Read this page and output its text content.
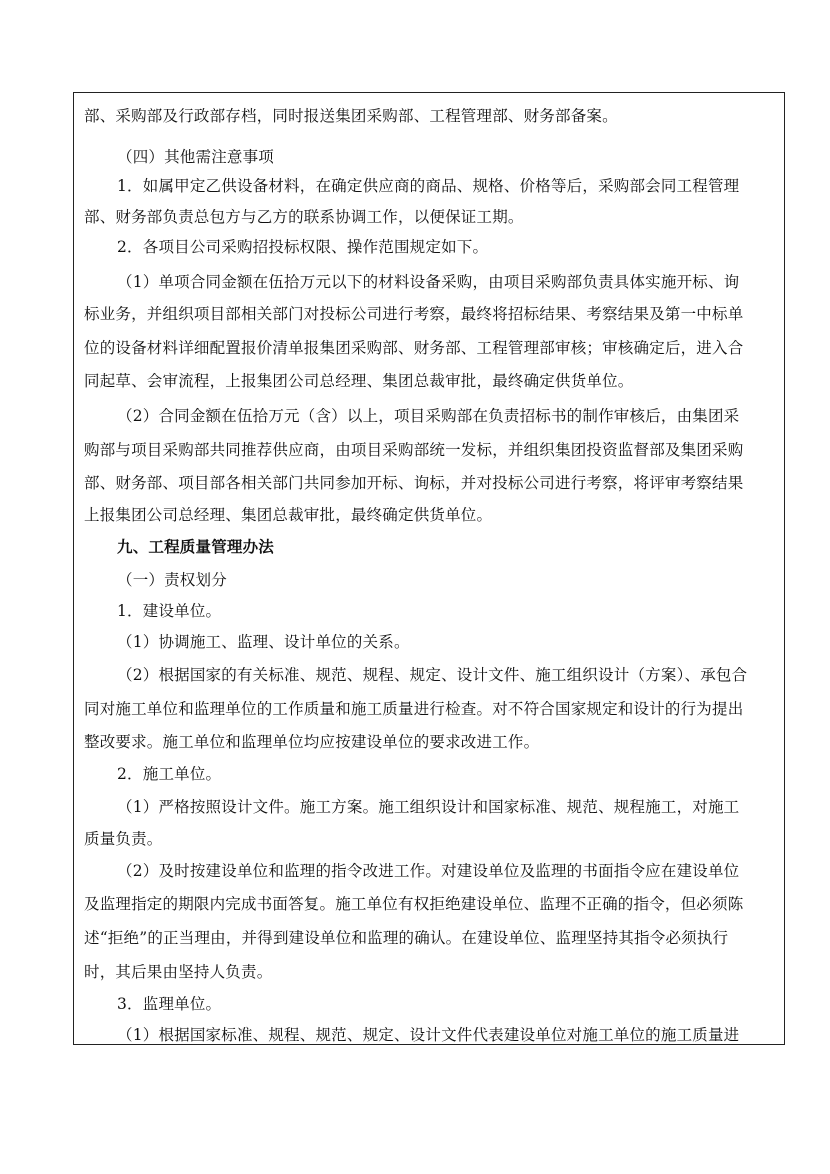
部、采购部及行政部存档，同时报送集团采购部、工程管理部、财务部备案。
（四）其他需注意事项
1．如属甲定乙供设备材料，在确定供应商的商品、规格、价格等后，采购部会同工程管理
部、财务部负责总包方与乙方的联系协调工作，以便保证工期。
2．各项目公司采购招投标权限、操作范围规定如下。
（1）单项合同金额在伍拾万元以下的材料设备采购，由项目采购部负责具体实施开标、询
标业务，并组织项目部相关部门对投标公司进行考察，最终将招标结果、考察结果及第一中标单
位的设备材料详细配置报价清单报集团采购部、财务部、工程管理部审核；审核确定后，进入合
同起草、会审流程，上报集团公司总经理、集团总裁审批，最终确定供货单位。
（2）合同金额在伍拾万元（含）以上，项目采购部在负责招标书的制作审核后，由集团采
购部与项目采购部共同推荐供应商，由项目采购部统一发标，并组织集团投资监督部及集团采购
部、财务部、项目部各相关部门共同参加开标、询标，并对投标公司进行考察，将评审考察结果
上报集团公司总经理、集团总裁审批，最终确定供货单位。
九、工程质量管理办法
（一）责权划分
1．建设单位。
（1）协调施工、监理、设计单位的关系。
（2）根据国家的有关标准、规范、规程、规定、设计文件、施工组织设计（方案）、承包合
同对施工单位和监理单位的工作质量和施工质量进行检查。对不符合国家规定和设计的行为提出
整改要求。施工单位和监理单位均应按建设单位的要求改进工作。
2．施工单位。
（1）严格按照设计文件。施工方案。施工组织设计和国家标准、规范、规程施工，对施工
质量负责。
（2）及时按建设单位和监理的指令改进工作。对建设单位及监理的书面指令应在建设单位
及监理指定的期限内完成书面答复。施工单位有权拒绝建设单位、监理不正确的指令，但必须陈
述“拒绝”的正当理由，并得到建设单位和监理的确认。在建设单位、监理坚持其指令必须执行
时，其后果由坚持人负责。
3．监理单位。
（1）根据国家标准、规程、规范、规定、设计文件代表建设单位对施工单位的施工质量进
